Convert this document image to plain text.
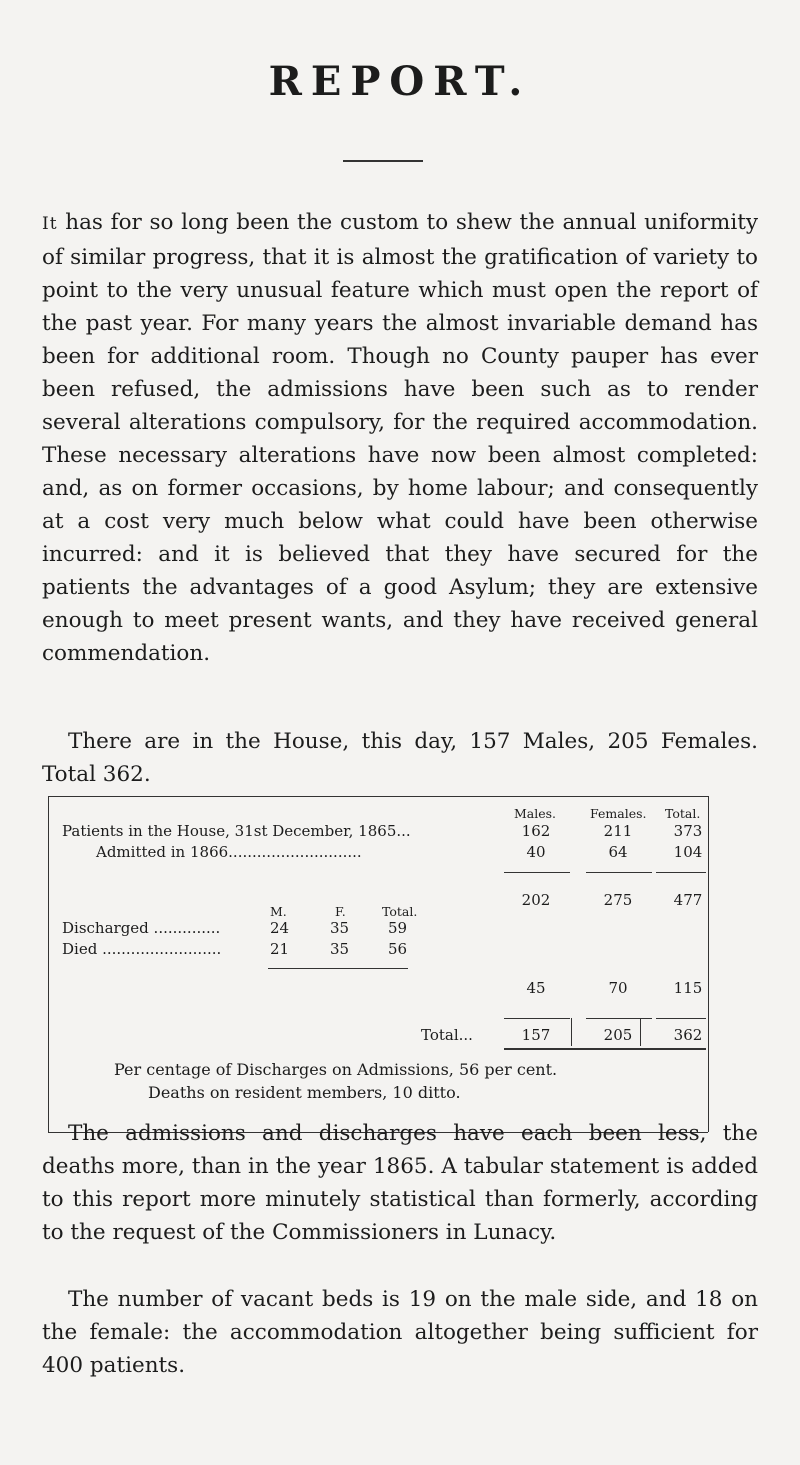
REPORT.

It has for so long been the custom to shew the annual uniformity of similar progress, that it is almost the gratification of variety to point to the very unusual feature which must open the report of the past year. For many years the almost invariable demand has been for additional room. Though no County pauper has ever been refused, the admissions have been such as to render several alterations compulsory, for the required accommodation. These necessary alterations have now been almost completed: and, as on former occasions, by home labour; and consequently at a cost very much below what could have been otherwise incurred: and it is believed that they have secured for the patients the advantages of a good Asylum; they are extensive enough to meet present wants, and they have received general commendation.

There are in the House, this day, 157 Males, 205 Females. Total 362.

Males.	Females. Total.
Patients in the House, 31st December, 1865...	162	211	373
Admitted in 1866............................	40	64	104
202	275	477
M.	F.	Total.
Discharged ..............	24	35	59
Died .........................	21	35	56
45	70	115
Total...	157	205	362
Per centage of Discharges on Admissions, 56 per cent.
Deaths on resident members, 10 ditto.

The admissions and discharges have each been less, the deaths more, than in the year 1865. A tabular statement is added to this report more minutely statistical than formerly, according to the request of the Commissioners in Lunacy.

The number of vacant beds is 19 on the male side, and 18 on the female: the accommodation altogether being sufficient for 400 patients.
